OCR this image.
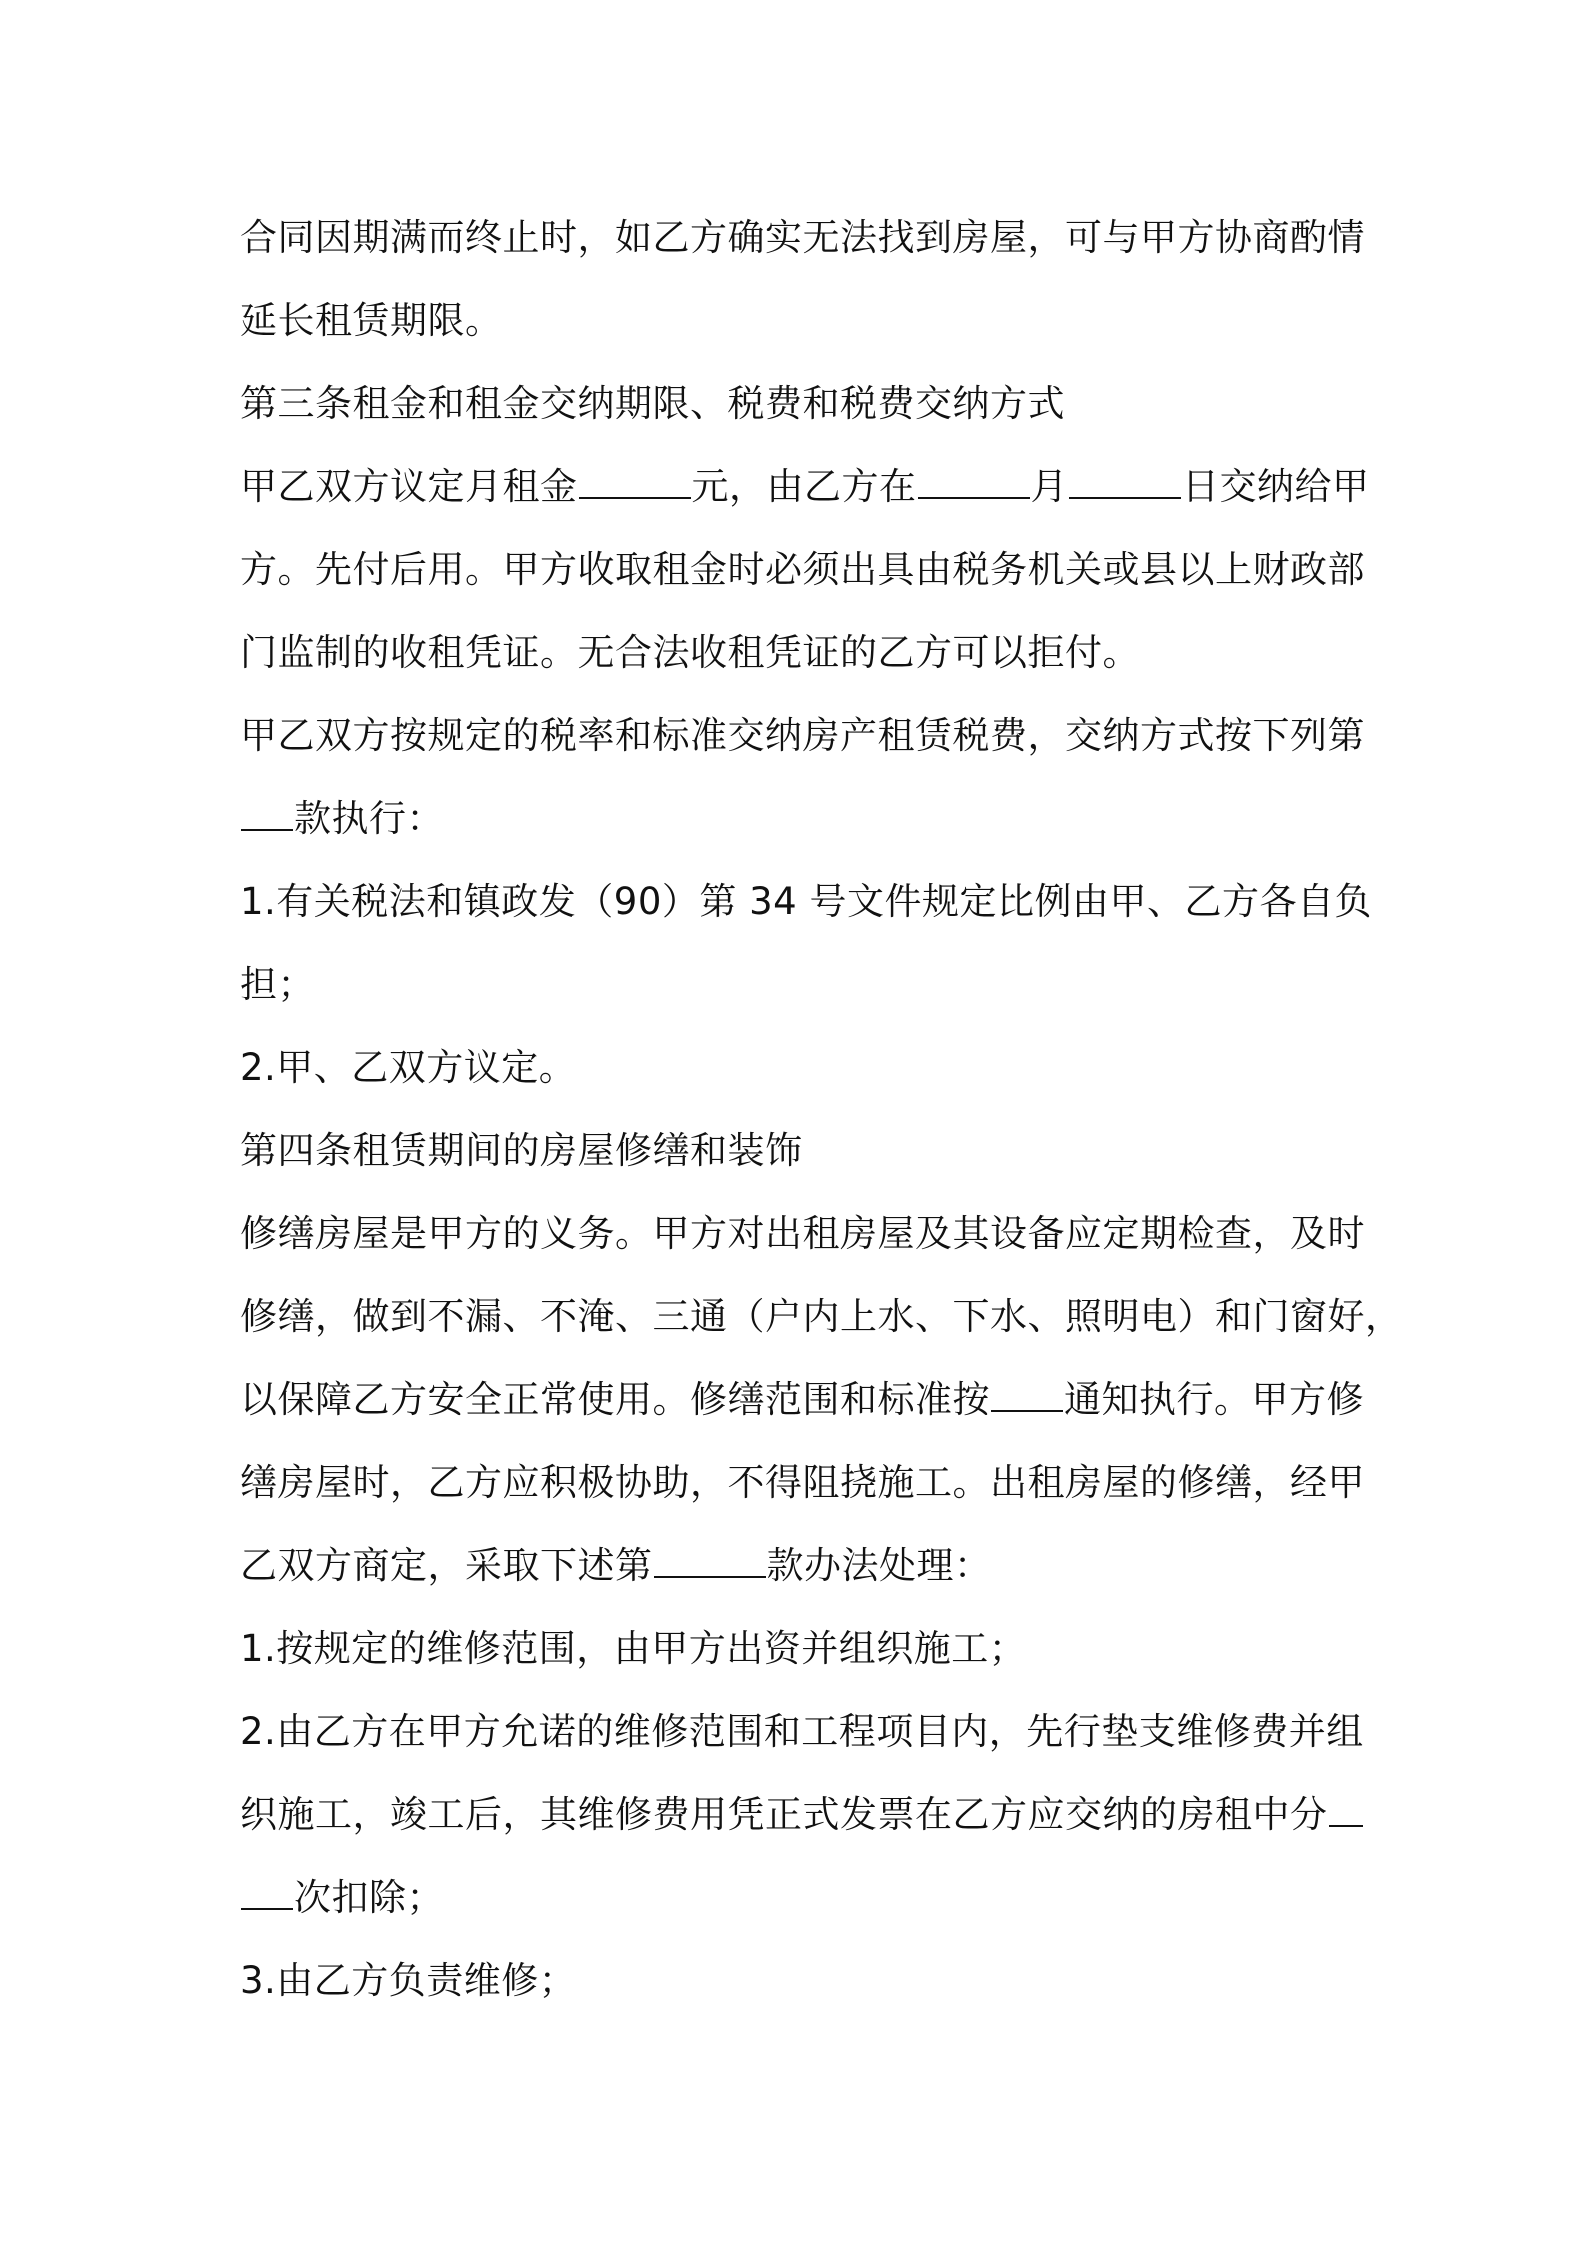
合同因期满而终止时，如乙方确实无法找到房屋，可与甲方协商酌情
延长租赁期限。
第三条租金和租金交纳期限、税费和税费交纳方式
甲乙双方议定月租金	元，由乙方在	月	日交纳给甲
方。先付后用。甲方收取租金时必须出具由税务机关或县以上财政部
门监制的收租凭证。无合法收租凭证的乙方可以拒付。
甲乙双方按规定的税率和标准交纳房产租赁税费，交纳方式按下列第
款执行：
1.有关税法和镇政发（90）第 34 号文件规定比例由甲、乙方各自负
担；
2.甲、乙双方议定。
第四条租赁期间的房屋修缮和装饰
修缮房屋是甲方的义务。甲方对出租房屋及其设备应定期检查，及时
修缮，做到不漏、不淹、三通（户内上水、下水、照明电）和门窗好，
以保障乙方安全正常使用。修缮范围和标准按 通知执行。甲方修
缮房屋时，乙方应积极协助，不得阻挠施工。出租房屋的修缮，经甲
乙双方商定，采取下述第	款办法处理：
1.按规定的维修范围，由甲方出资并组织施工；
2.由乙方在甲方允诺的维修范围和工程项目内，先行垫支维修费并组
织施工，竣工后，其维修费用凭正式发票在乙方应交纳的房租中分
次扣除；
3.由乙方负责维修；
